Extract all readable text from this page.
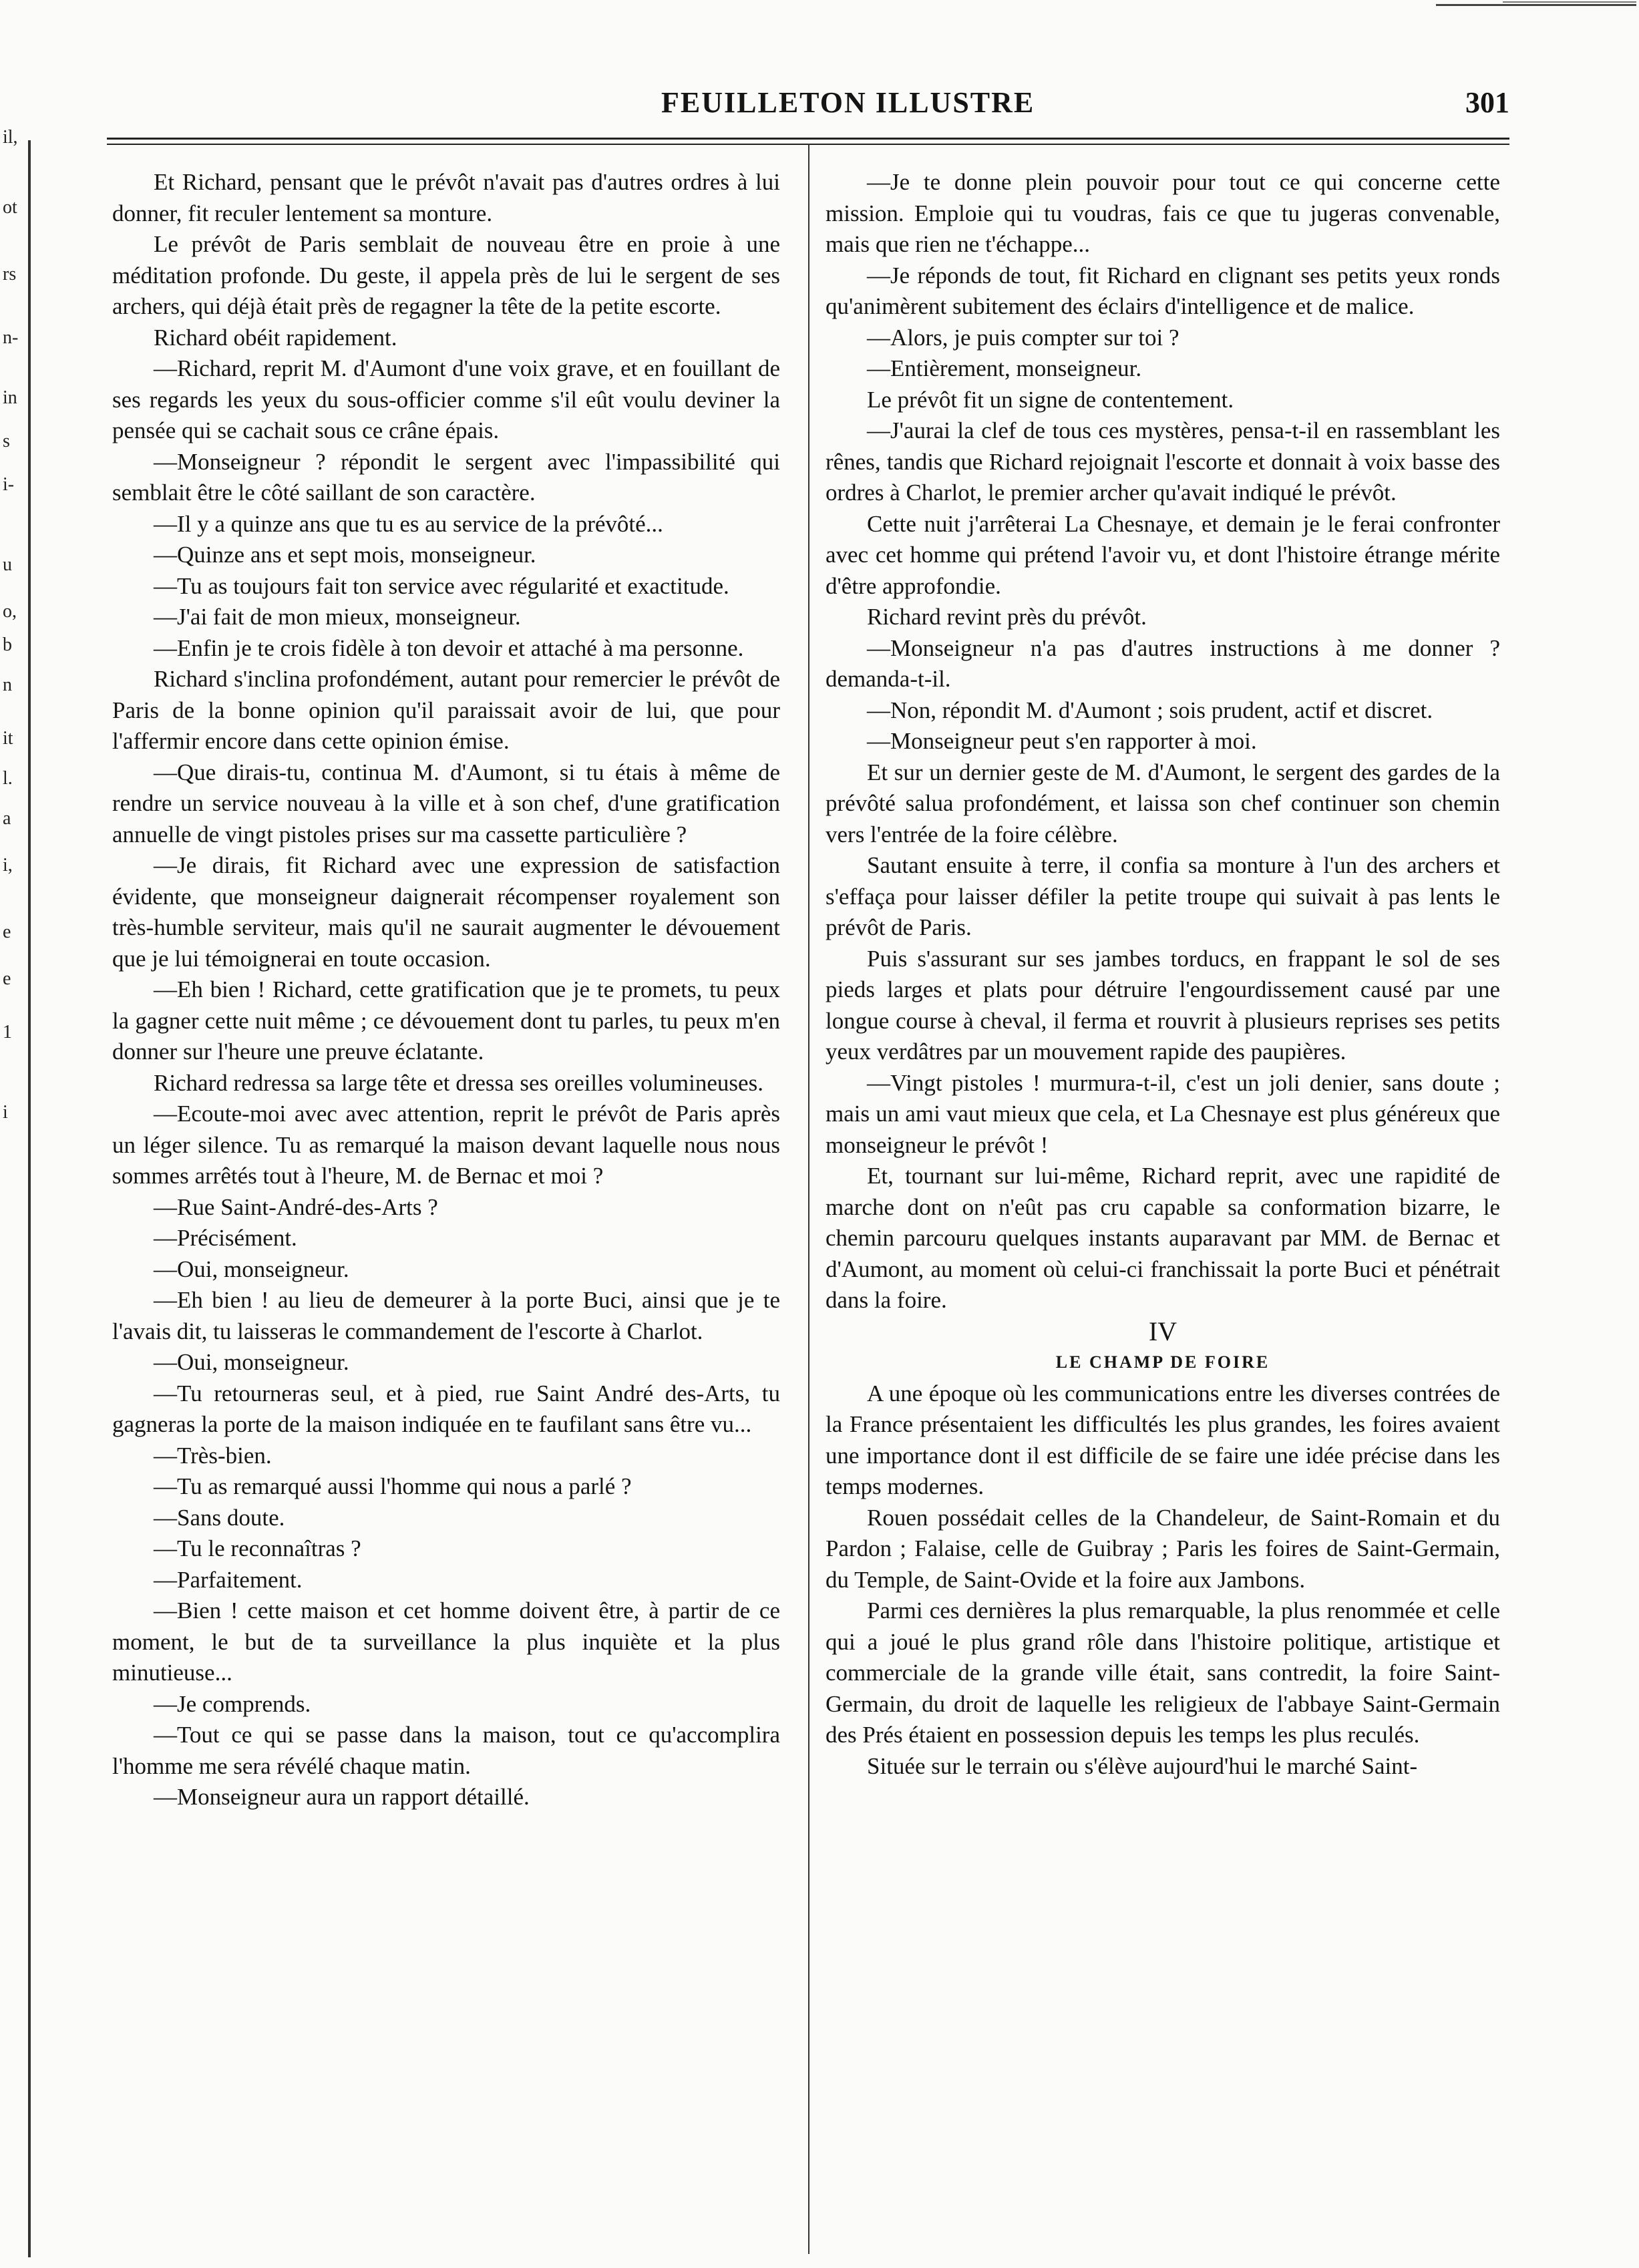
il,
ot
rs
n-
in
s
i-
u
o,
b
n
it
l.
a
i,
e
e
1
i
FEUILLETON ILLUSTRE	301

Et Richard, pensant que le prévôt n'avait pas d'autres ordres à lui donner, fit reculer lentement sa monture.

Le prévôt de Paris semblait de nouveau être en proie à une méditation profonde. Du geste, il appela près de lui le sergent de ses archers, qui déjà était près de regagner la tête de la petite escorte.

Richard obéit rapidement.

—Richard, reprit M. d'Aumont d'une voix grave, et en fouillant de ses regards les yeux du sous-officier comme s'il eût voulu deviner la pensée qui se cachait sous ce crâne épais.

—Monseigneur ? répondit le sergent avec l'impassibilité qui semblait être le côté saillant de son caractère.

—Il y a quinze ans que tu es au service de la prévôté...

—Quinze ans et sept mois, monseigneur.

—Tu as toujours fait ton service avec régularité et exactitude.

—J'ai fait de mon mieux, monseigneur.

—Enfin je te crois fidèle à ton devoir et attaché à ma personne.

Richard s'inclina profondément, autant pour remercier le prévôt de Paris de la bonne opinion qu'il paraissait avoir de lui, que pour l'affermir encore dans cette opinion émise.

—Que dirais-tu, continua M. d'Aumont, si tu étais à même de rendre un service nouveau à la ville et à son chef, d'une gratification annuelle de vingt pistoles prises sur ma cassette particulière ?

—Je dirais, fit Richard avec une expression de satisfaction évidente, que monseigneur daignerait récompenser royalement son très-humble serviteur, mais qu'il ne saurait augmenter le dévouement que je lui témoignerai en toute occasion.

—Eh bien ! Richard, cette gratification que je te promets, tu peux la gagner cette nuit même ; ce dévouement dont tu parles, tu peux m'en donner sur l'heure une preuve éclatante.

Richard redressa sa large tête et dressa ses oreilles volumineuses.

—Ecoute-moi avec avec attention, reprit le prévôt de Paris après un léger silence. Tu as remarqué la maison devant laquelle nous nous sommes arrêtés tout à l'heure, M. de Bernac et moi ?

—Rue Saint-André-des-Arts ?

—Précisément.

—Oui, monseigneur.

—Eh bien ! au lieu de demeurer à la porte Buci, ainsi que je te l'avais dit, tu laisseras le commandement de l'escorte à Charlot.

—Oui, monseigneur.

—Tu retourneras seul, et à pied, rue Saint André des-Arts, tu gagneras la porte de la maison indiquée en te faufilant sans être vu...

—Très-bien.

—Tu as remarqué aussi l'homme qui nous a parlé ?

—Sans doute.

—Tu le reconnaîtras ?

—Parfaitement.

—Bien ! cette maison et cet homme doivent être, à partir de ce moment, le but de ta surveillance la plus inquiète et la plus minutieuse...

—Je comprends.

—Tout ce qui se passe dans la maison, tout ce qu'accomplira l'homme me sera révélé chaque matin.

—Monseigneur aura un rapport détaillé.

—Je te donne plein pouvoir pour tout ce qui concerne cette mission. Emploie qui tu voudras, fais ce que tu jugeras convenable, mais que rien ne t'échappe...

—Je réponds de tout, fit Richard en clignant ses petits yeux ronds qu'animèrent subitement des éclairs d'intelligence et de malice.

—Alors, je puis compter sur toi ?

—Entièrement, monseigneur.

Le prévôt fit un signe de contentement.

—J'aurai la clef de tous ces mystères, pensa-t-il en rassemblant les rênes, tandis que Richard rejoignait l'escorte et donnait à voix basse des ordres à Charlot, le premier archer qu'avait indiqué le prévôt.

Cette nuit j'arrêterai La Chesnaye, et demain je le ferai confronter avec cet homme qui prétend l'avoir vu, et dont l'histoire étrange mérite d'être approfondie.

Richard revint près du prévôt.

—Monseigneur n'a pas d'autres instructions à me donner ? demanda-t-il.

—Non, répondit M. d'Aumont ; sois prudent, actif et discret.

—Monseigneur peut s'en rapporter à moi.

Et sur un dernier geste de M. d'Aumont, le sergent des gardes de la prévôté salua profondément, et laissa son chef continuer son chemin vers l'entrée de la foire célèbre.

Sautant ensuite à terre, il confia sa monture à l'un des archers et s'effaça pour laisser défiler la petite troupe qui suivait à pas lents le prévôt de Paris.

Puis s'assurant sur ses jambes torducs, en frappant le sol de ses pieds larges et plats pour détruire l'engourdissement causé par une longue course à cheval, il ferma et rouvrit à plusieurs reprises ses petits yeux verdâtres par un mouvement rapide des paupières.

—Vingt pistoles ! murmura-t-il, c'est un joli denier, sans doute ; mais un ami vaut mieux que cela, et La Chesnaye est plus généreux que monseigneur le prévôt !

Et, tournant sur lui-même, Richard reprit, avec une rapidité de marche dont on n'eût pas cru capable sa conformation bizarre, le chemin parcouru quelques instants auparavant par MM. de Bernac et d'Aumont, au moment où celui-ci franchissait la porte Buci et pénétrait dans la foire.

IV

LE CHAMP DE FOIRE

A une époque où les communications entre les diverses contrées de la France présentaient les difficultés les plus grandes, les foires avaient une importance dont il est difficile de se faire une idée précise dans les temps modernes.

Rouen possédait celles de la Chandeleur, de Saint-Romain et du Pardon ; Falaise, celle de Guibray ; Paris les foires de Saint-Germain, du Temple, de Saint-Ovide et la foire aux Jambons.

Parmi ces dernières la plus remarquable, la plus renommée et celle qui a joué le plus grand rôle dans l'histoire politique, artistique et commerciale de la grande ville était, sans contredit, la foire Saint-Germain, du droit de laquelle les religieux de l'abbaye Saint-Germain des Prés étaient en possession depuis les temps les plus reculés.

Située sur le terrain ou s'élève aujourd'hui le marché Saint-
